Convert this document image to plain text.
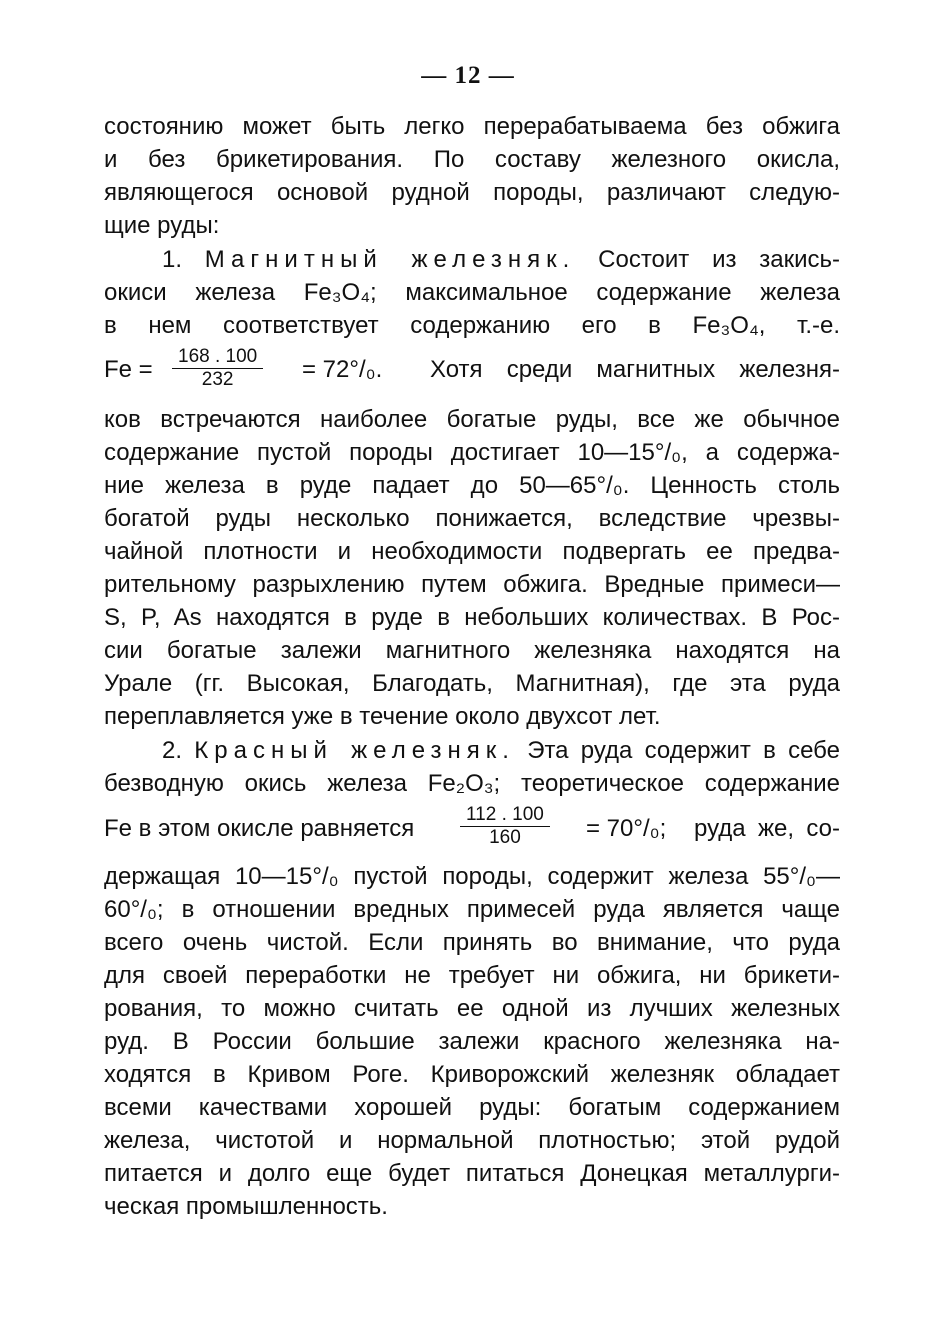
— 12 —
состоянию может быть легко перерабатываемa без обжига
и без брикетирования. По составу железного окисла,
являющегося основой рудной породы, различают следую-
щие руды:
1. Магнитный железняк. Состоит из закись-
окиси железа Fe₃O₄; максимальное содержание железа
в нем соответствует содержанию его в Fe₃O₄, т.-е.
$Fe = \frac{168 . 100}{232} = 72^\circ/_0$. Хотя среди магнитных железня-
ков встречаются наиболее богатые руды, все же обычное
содержание пустой породы достигает 10—15°/₀, а содержа-
ние железа в руде падает до 50—65°/₀. Ценность столь
богатой руды несколько понижается, вследствие чрезвы-
чайной плотности и необходимости подвергать ее предва-
рительному разрыхлению путем обжига. Вредные примеси—
S, P, As находятся в руде в небольших количествах. В Рос-
сии богатые залежи магнитного железняка находятся на
Урале (гг. Высокая, Благодать, Магнитная), где эта руда
переплавляется уже в течение около двухсот лет.
2. Красный железняк. Эта руда содержит в себе
безводную окись железа Fe₂O₃; теоретическое содержание
Fe в этом окисле равняется $\frac{112 . 100}{160} = 70^\circ/_0$; руда же, со-
держащая 10—15°/₀ пустой породы, содержит железа 55°/₀—
60°/₀; в отношении вредных примесей руда является чаще
всего очень чистой. Если принять во внимание, что руда
для своей переработки не требует ни обжига, ни брикети-
рования, то можно считать ее одной из лучших железных
руд. В России большие залежи красного железняка на-
ходятся в Кривом Роге. Криворожский железняк обладает
всеми качествами хорошей руды: богатым содержанием
железа, чистотой и нормальной плотностью; этой рудой
питается и долго еще будет питаться Донецкая металлурги-
ческая промышленность.
